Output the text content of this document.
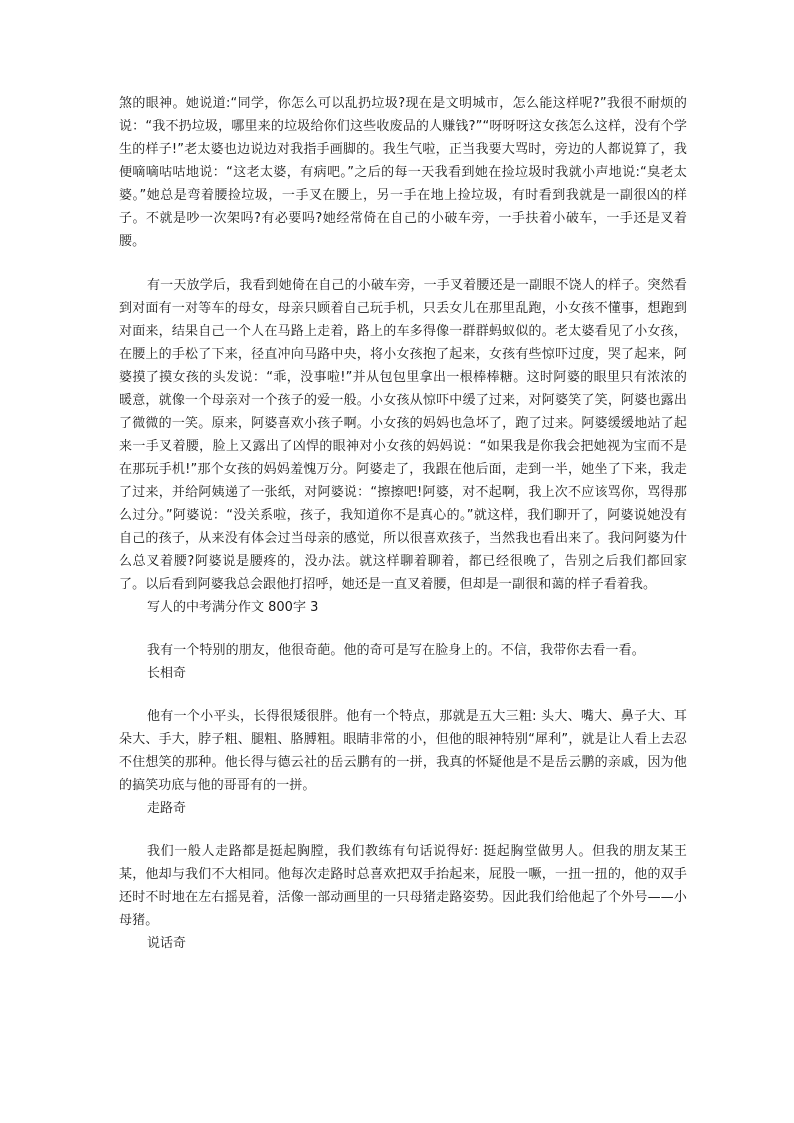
煞的眼神。她说道:“同学，你怎么可以乱扔垃圾?现在是文明城市，怎么能这样呢?”我很不耐烦的说：“我不扔垃圾，哪里来的垃圾给你们这些收废品的人赚钱?”“呀呀呀这女孩怎么这样，没有个学生的样子!”老太婆也边说边对我指手画脚的。我生气啦，正当我要大骂时，旁边的人都说算了，我便嘀嘀咕咕地说：“这老太婆，有病吧。”之后的每一天我看到她在捡垃圾时我就小声地说:“臭老太婆。”她总是弯着腰捡垃圾，一手叉在腰上，另一手在地上捡垃圾，有时看到我就是一副很凶的样子。不就是吵一次架吗?有必要吗?她经常倚在自己的小破车旁，一手扶着小破车，一手还是叉着腰。

有一天放学后，我看到她倚在自己的小破车旁，一手叉着腰还是一副眼不饶人的样子。突然看到对面有一对等车的母女，母亲只顾着自己玩手机，只丢女儿在那里乱跑，小女孩不懂事，想跑到对面来，结果自己一个人在马路上走着，路上的车多得像一群群蚂蚁似的。老太婆看见了小女孩，在腰上的手松了下来，径直冲向马路中央，将小女孩抱了起来，女孩有些惊吓过度，哭了起来，阿婆摸了摸女孩的头发说：“乖，没事啦!”并从包包里拿出一根棒棒糖。这时阿婆的眼里只有浓浓的暖意，就像一个母亲对一个孩子的爱一般。小女孩从惊吓中缓了过来，对阿婆笑了笑，阿婆也露出了微微的一笑。原来，阿婆喜欢小孩子啊。小女孩的妈妈也急坏了，跑了过来。阿婆缓缓地站了起来一手叉着腰，脸上又露出了凶悍的眼神对小女孩的妈妈说：“如果我是你我会把她视为宝而不是在那玩手机!”那个女孩的妈妈羞愧万分。阿婆走了，我跟在他后面，走到一半，她坐了下来，我走了过来，并给阿姨递了一张纸，对阿婆说：“擦擦吧!阿婆，对不起啊，我上次不应该骂你，骂得那么过分。”阿婆说：“没关系啦，孩子，我知道你不是真心的。”就这样，我们聊开了，阿婆说她没有自己的孩子，从来没有体会过当母亲的感觉，所以很喜欢孩子，当然我也看出来了。我问阿婆为什么总叉着腰?阿婆说是腰疼的，没办法。就这样聊着聊着，都已经很晚了，告别之后我们都回家了。以后看到阿婆我总会跟他打招呼，她还是一直叉着腰，但却是一副很和蔼的样子看着我。

写人的中考满分作文 800字 3

我有一个特别的朋友，他很奇葩。他的奇可是写在脸身上的。不信，我带你去看一看。

长相奇

他有一个小平头，长得很矮很胖。他有一个特点，那就是五大三粗: 头大、嘴大、鼻子大、耳朵大、手大，脖子粗、腿粗、胳膊粗。眼睛非常的小，但他的眼神特别“犀利”，就是让人看上去忍不住想笑的那种。他长得与德云社的岳云鹏有的一拼，我真的怀疑他是不是岳云鹏的亲戚，因为他的搞笑功底与他的哥哥有的一拼。

走路奇

我们一般人走路都是挺起胸膛，我们教练有句话说得好: 挺起胸堂做男人。但我的朋友某王某，他却与我们不大相同。他每次走路时总喜欢把双手抬起来，屁股一噘，一扭一扭的，他的双手还时不时地在左右摇晃着，活像一部动画里的一只母猪走路姿势。因此我们给他起了个外号——小母猪。

说话奇
